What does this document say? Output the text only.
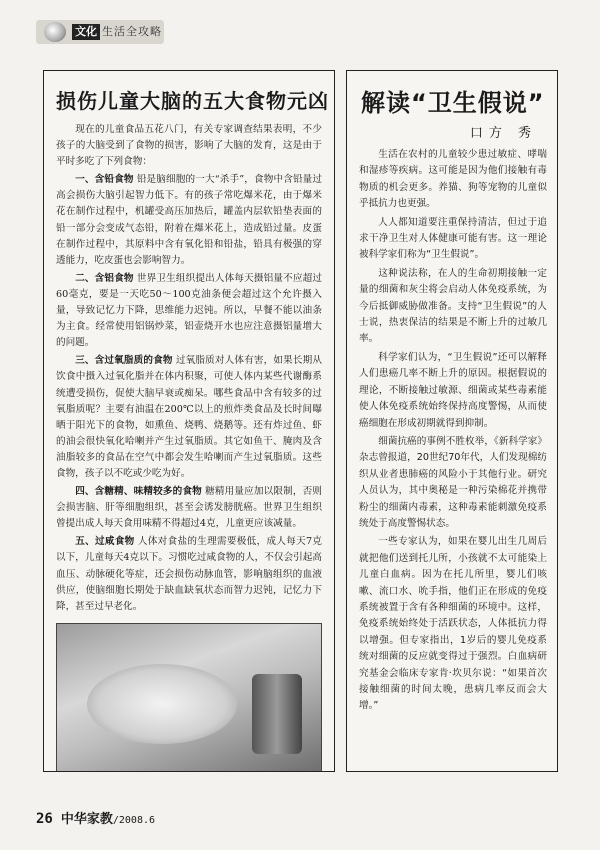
文化 生活全攻略
损伤儿童大脑的五大食物元凶

现在的儿童食品五花八门，有关专家调查结果表明，不少孩子的大脑受到了食物的损害，影响了大脑的发育，这是由于平时多吃了下列食物：

一、含铅食物 铅是脑细胞的一大“杀手”，食物中含铅量过高会损伤大脑引起智力低下。有的孩子常吃爆米花，由于爆米花在制作过程中，机罐受高压加热后，罐盖内层软铅垫表面的铅一部分会变成气态铅，附着在爆米花上，造成铅过量。皮蛋在制作过程中，其原料中含有氧化铅和铅盐，铅具有极强的穿透能力，吃皮蛋也会影响智力。

二、含铝食物 世界卫生组织提出人体每天摄铝量不应超过60毫克，要是一天吃50～100克油条便会超过这个允许摄入量，导致记忆力下降，思维能力迟钝。所以，早餐不能以油条为主食。经常使用铝锅炒菜，铝壶烧开水也应注意摄铝量增大的问题。

三、含过氧脂质的食物 过氧脂质对人体有害，如果长期从饮食中摄入过氧化脂并在体内积聚，可使人体内某些代谢酶系统遭受损伤，促使大脑早衰或痴呆。哪些食品中含有较多的过氧脂质呢？主要有油温在200℃以上的煎炸类食品及长时间曝晒于阳光下的食物，如熏鱼、烧鸭、烧鹅等。还有炸过鱼、虾的油会很快氧化哈喇并产生过氧脂质。其它如鱼干、腌肉及含油脂较多的食品在空气中都会发生哈喇而产生过氧脂质。这些食物，孩子以不吃或少吃为好。

四、含糖精、味精较多的食物 糖精用量应加以限制，否则会损害脑、肝等细胞组织，甚至会诱发膀胱癌。世界卫生组织曾提出成人每天食用味精不得超过4克，儿童更应该减量。

五、过咸食物 人体对食盐的生理需要极低，成人每天7克以下，儿童每天4克以下。习惯吃过咸食物的人，不仅会引起高血压、动脉硬化等症，还会损伤动脉血管，影响脑组织的血液供应，使脑细胞长期处于缺血缺氧状态而智力迟钝，记忆力下降，甚至过早老化。

解读“卫生假说”
口方 秀

生活在农村的儿童较少患过敏症、哮喘和湿疹等疾病。这可能是因为他们接触有毒物质的机会更多。养猫、狗等宠物的儿童似乎抵抗力也更强。

人人都知道要注重保持清洁，但过于追求干净卫生对人体健康可能有害。这一理论被科学家们称为“卫生假说”。

这种说法称，在人的生命初期接触一定量的细菌和灰尘将会启动人体免疫系统，为今后抵御威胁做准备。支持“卫生假说”的人士说，热衷保洁的结果是不断上升的过敏几率。

科学家们认为，“卫生假说”还可以解释人们患癌几率不断上升的原因。根据假说的理论，不断接触过敏源、细菌或某些毒素能使人体免疫系统始终保持高度警惕，从而使癌细胞在形成初期就得到抑制。

细菌抗癌的事例不胜枚举，《新科学家》杂志曾报道，20世纪70年代，人们发现棉纺织从业者患肺癌的风险小于其他行业。研究人员认为，其中奥秘是一种污染棉花并携带粉尘的细菌内毒素，这种毒素能刺激免疫系统处于高度警惕状态。

一些专家认为，如果在婴儿出生几周后就把他们送到托儿所，小孩就不太可能染上儿童白血病。因为在托儿所里，婴儿们咳嗽、流口水、吮手指，他们正在形成的免疫系统被置于含有各种细菌的环境中。这样，免疫系统始终处于活跃状态，人体抵抗力得以增强。但专家指出，1岁后的婴儿免疫系统对细菌的反应就变得过于强烈。白血病研究基金会临床专家肯·坎贝尔说：“如果首次接触细菌的时间太晚，患病几率反而会大增。”

26 中华家教/2008.6
